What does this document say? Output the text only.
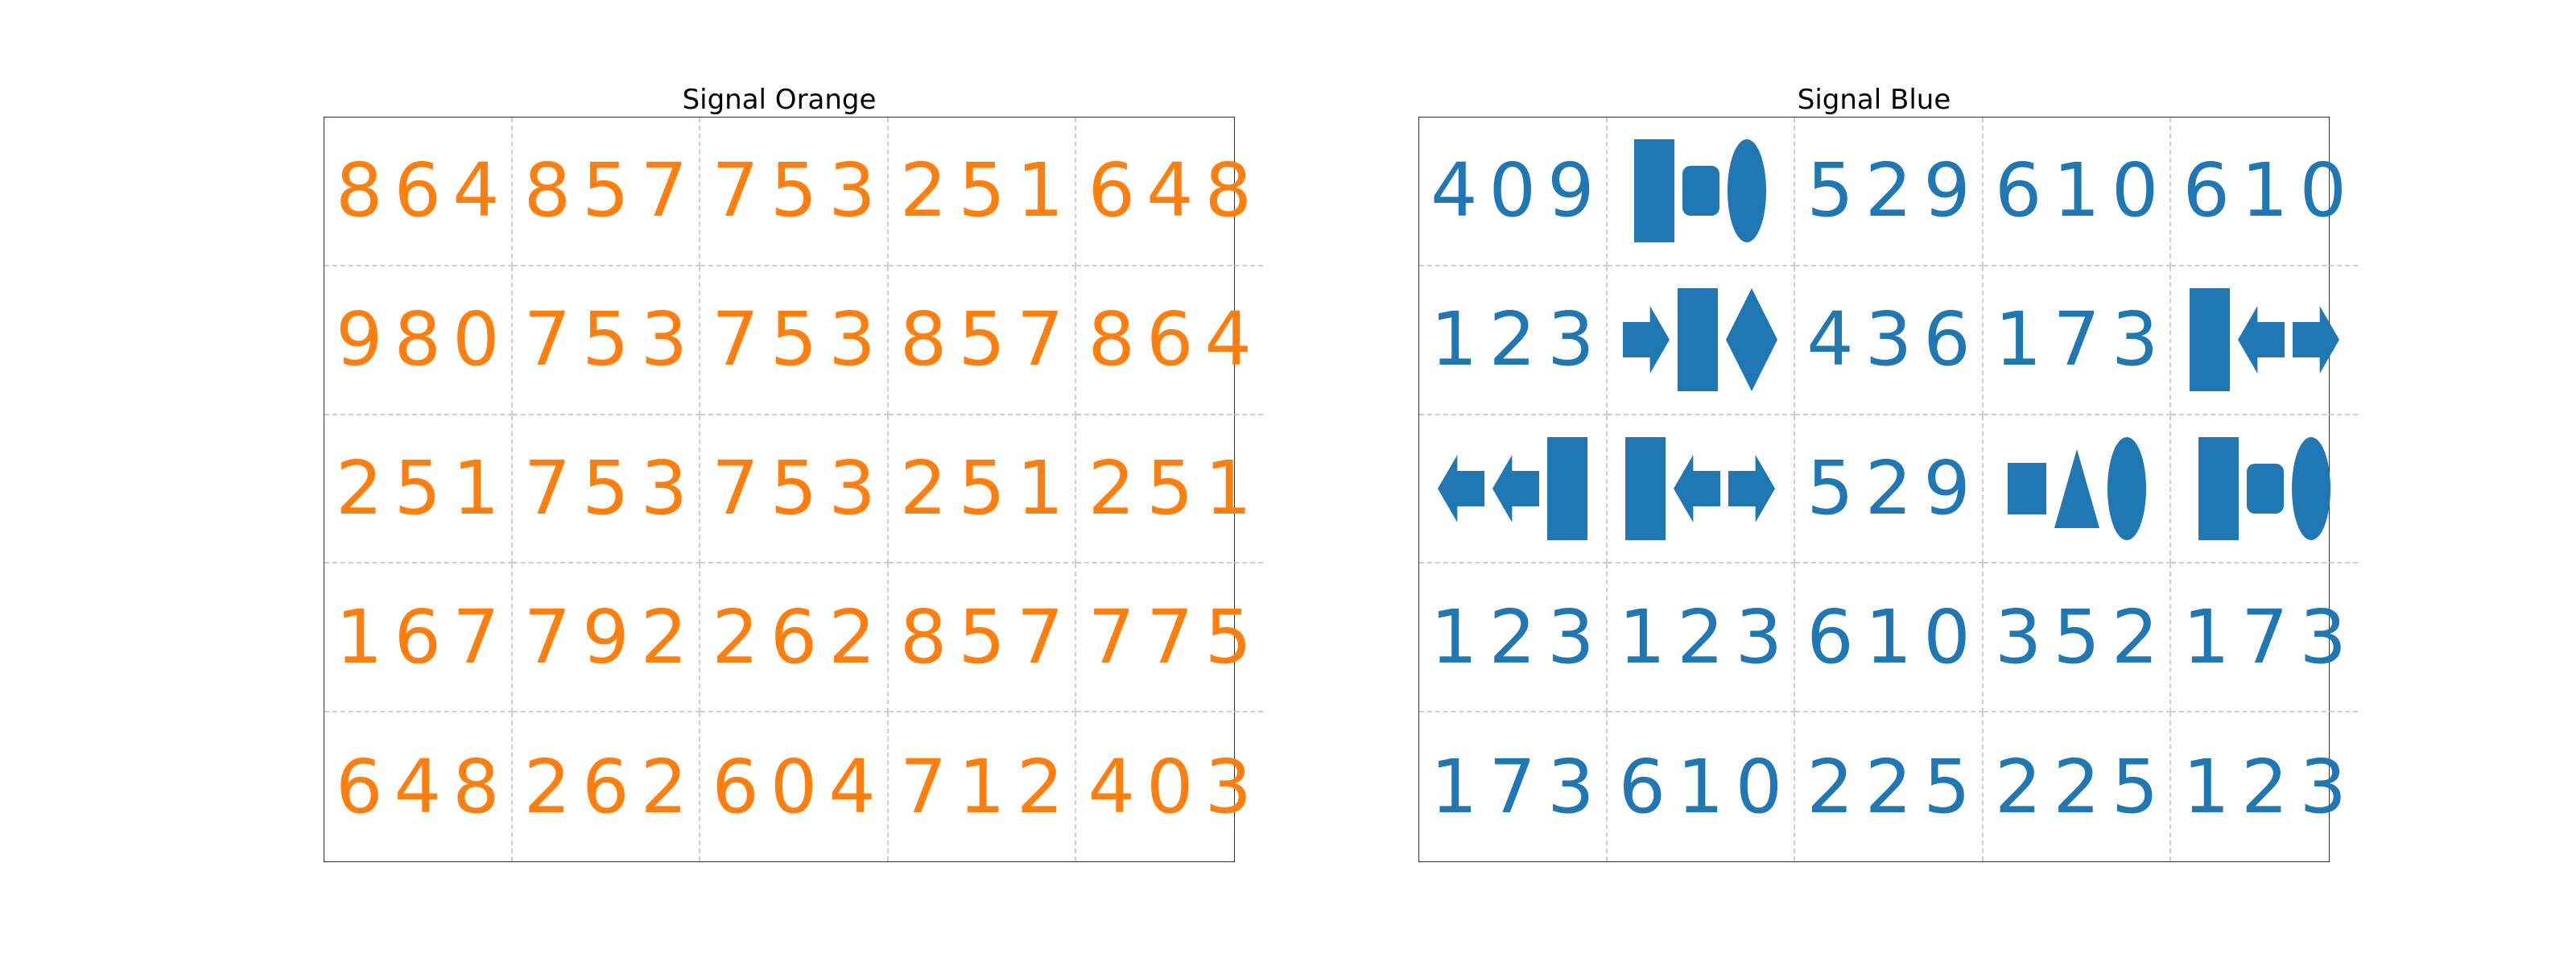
Signal Orange
864 857 753 251 648
980 753 753 857 864
251 753 753 251 251
167 792 262 857 775
648 262 604 712 403
Signal Blue
409	529 610 610
123	436 173
529
123 123 610 352 173
173 610 225 225 123
